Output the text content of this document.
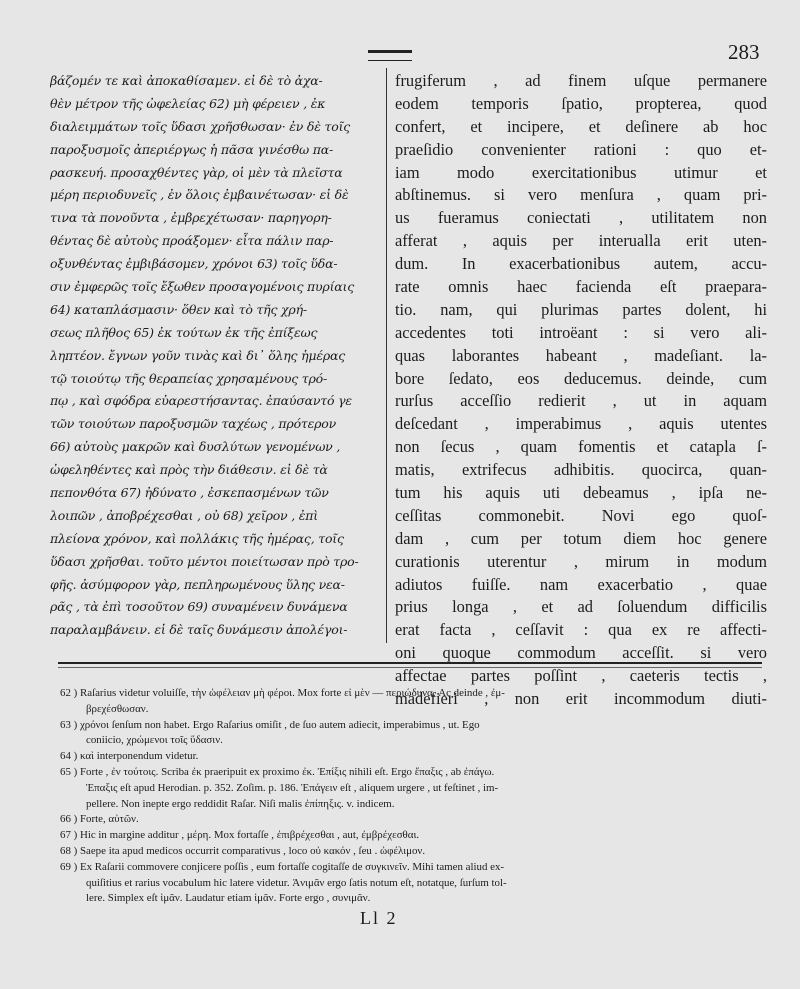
283
βάζομέν τε καὶ ἀποκαθίσαμεν. εἰ δὲ τὸ ἀχα-
θὲν μέτρον τῆς ὠφελείας 62) μὴ φέρειεν , ἐκ
διαλειμμάτων τοῖς ὕδασι χρῆσθωσαν· ἐν δὲ τοῖς
παροξυσμοῖς ἀπεριέργως ἡ πᾶσα γινέσθω πα-
ρασκευή. προσαχθέντες γὰρ, οἱ μὲν τὰ πλεῖστα
μέρη περιοδυνεῖς , ἐν ὅλοις ἐμβαινέτωσαν· εἰ δὲ
τινα τὰ πονοῦντα , ἐμβρεχέτωσαν· παρηγορη-
θέντας δὲ αὐτοὺς προάξομεν· εἶτα πάλιν παρ-
οξυνθέντας ἐμβιβάσομεν, χρόνοι 63) τοῖς ὕδα-
σιν ἐμφερῶς τοῖς ἔξωθεν προσαγομένοις πυρίαις
64) καταπλάσμασιν· ὅθεν καὶ τὸ τῆς χρή-
σεως πλῆθος 65) ἐκ τούτων ἐκ τῆς ἐπίξεως
ληπτέον. ἔγνων γοῦν τινὰς καὶ δι᾽ ὅλης ἡμέρας
τῷ τοιούτῳ τῆς θεραπείας χρησαμένους τρό-
πῳ , καὶ σφόδρα εὐαρεστήσαντας. ἐπαύσαντό γε
τῶν τοιούτων παροξυσμῶν ταχέως , πρότερον
66) αὐτοὺς μακρῶν καὶ δυσλύτων γενομένων ,
ὠφεληθέντες καὶ πρὸς τὴν διάθεσιν. εἰ δὲ τὰ
πεπονθότα 67) ἠδύνατο , ἐσκεπασμένων τῶν
λοιπῶν , ἀποβρέχεσθαι , οὐ 68) χεῖρον , ἐπὶ
πλείονα χρόνον, καὶ πολλάκις τῆς ἡμέρας, τοῖς
ὕδασι χρῆσθαι. τοῦτο μέντοι ποιείτωσαν πρὸ τρο-
φῆς. ἀσύμφορον γὰρ, πεπληρωμένους ὕλης νεα-
ρᾶς , τὰ ἐπὶ τοσοῦτον 69) συναμένειν δυνάμενα
παραλαμβάνειν. εἰ δὲ ταῖς δυνάμεσιν ἀπολέγοι-
frugiferum , ad finem uſque permanere
eodem temporis ſpatio, propterea, quod
confert, et incipere, et deſinere ab hoc
praeſidio convenienter rationi : quo et-
iam modo exercitationibus utimur et
abſtinemus. si vero menſura , quam pri-
us fueramus coniectati , utilitatem non
afferat , aquis per interualla erit uten-
dum. In exacerbationibus autem, accu-
rate omnis haec facienda eſt praepara-
tio. nam, qui plurimas partes dolent, hi
accedentes toti introëant : si vero ali-
quas laborantes habeant , madeſiant. la-
bore ſedato, eos deducemus. deinde, cum
rurſus acceſſio redierit , ut in aquam
deſcedant , imperabimus , aquis utentes
non ſecus , quam fomentis et catapla ſ-
matis, extrifecus adhibitis. quocirca, quan-
tum his aquis uti debeamus , ipſa ne-
ceſſitas commonebit. Novi ego quoſ-
dam , cum per totum diem hoc genere
curationis uterentur , mirum in modum
adiutos fuiſſe. nam exacerbatio , quae
prius longa , et ad ſoluendum difficilis
erat facta , ceſſavit : qua ex re affecti-
oni quoque commodum acceſſit. si vero
affectae partes poſſint , caeteris tectis ,
madefieri , non erit incommodum diuti-
62 ) Raſarius videtur voluiſſe, τὴν ὠφέλειαν μὴ φέροι. Mox forte εἰ μὲν — περιώδυνα. Ac deinde , ἐμ-
βρεχέσθωσαν.
63 ) χρόνοι ſenſum non habet. Ergo Raſarius omiſit , de ſuo autem adiecit, imperabimus , ut. Ego
coniicio, χρώμενοι τοῖς ὕδασιν.
64 ) καὶ interponendum videtur.
65 ) Forte , ἐν τούτοις. Scriba ἐκ praeripuit ex proximo ἐκ. Ἐπίξις nihili eſt. Ergo ἔπαξις , ab ἐπάγω.
Ἐπαξις eſt apud Herodian. p. 352. Zoſim. p. 186. Ἐπάγειν eſt , aliquem urgere , ut feſtinet , im-
pellere. Non inepte ergo reddidit Raſar. Niſi malis ἐπίπηξις. v. indicem.
66 ) Forte, αὐτῶν.
67 ) Hic in margine additur , μέρη. Mox fortaſſe , ἐπιβρέχεσθαι , aut, ἐμβρέχεσθαι.
68 ) Saepe ita apud medicos occurrit comparativus , loco οὐ κακόν , ſeu . ὠφέλιμον.
69 ) Ex Raſarii commovere conjicere poſſis , eum fortaſſe cogitaſſe de συγκινεῖν. Mihi tamen aliud ex-
quiſitius et rarius vocabulum hic latere videtur. Ἀνιμᾶν ergo ſatis notum eſt, notatque, ſurſum tol-
lere. Simplex eſt ἱμᾶν. Laudatur etiam ἱμᾶν. Forte ergo , συνιμᾶν.
Ll 2
